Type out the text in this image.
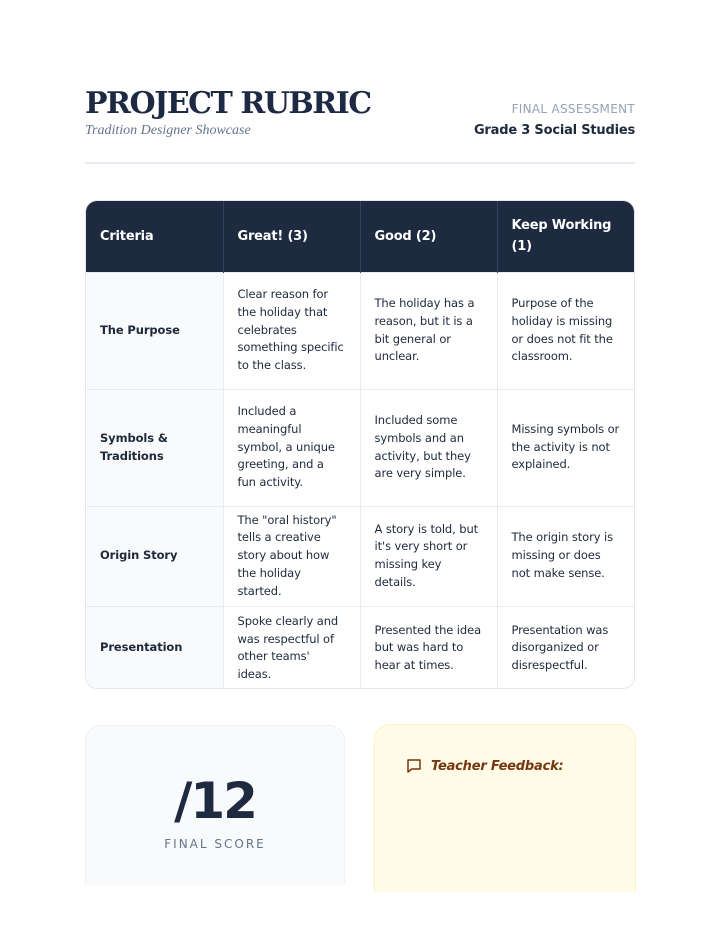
PROJECT RUBRIC
Tradition Designer Showcase
FINAL ASSESSMENT
Grade 3 Social Studies
Criteria	Great! (3)	Good (2)	Keep Working (1)
The Purpose	Clear reason for the holiday that celebrates something specific to the class.	The holiday has a reason, but it is a bit general or unclear.	Purpose of the holiday is missing or does not fit the classroom.
Symbols & Traditions	Included a meaningful symbol, a unique greeting, and a fun activity.	Included some symbols and an activity, but they are very simple.	Missing symbols or the activity is not explained.
Origin Story	The "oral history" tells a creative story about how the holiday started.	A story is told, but it's very short or missing key details.	The origin story is missing or does not make sense.
Presentation	Spoke clearly and was respectful of other teams' ideas.	Presented the idea but was hard to hear at times.	Presentation was disorganized or disrespectful.
/12
FINAL SCORE
Teacher Feedback:
